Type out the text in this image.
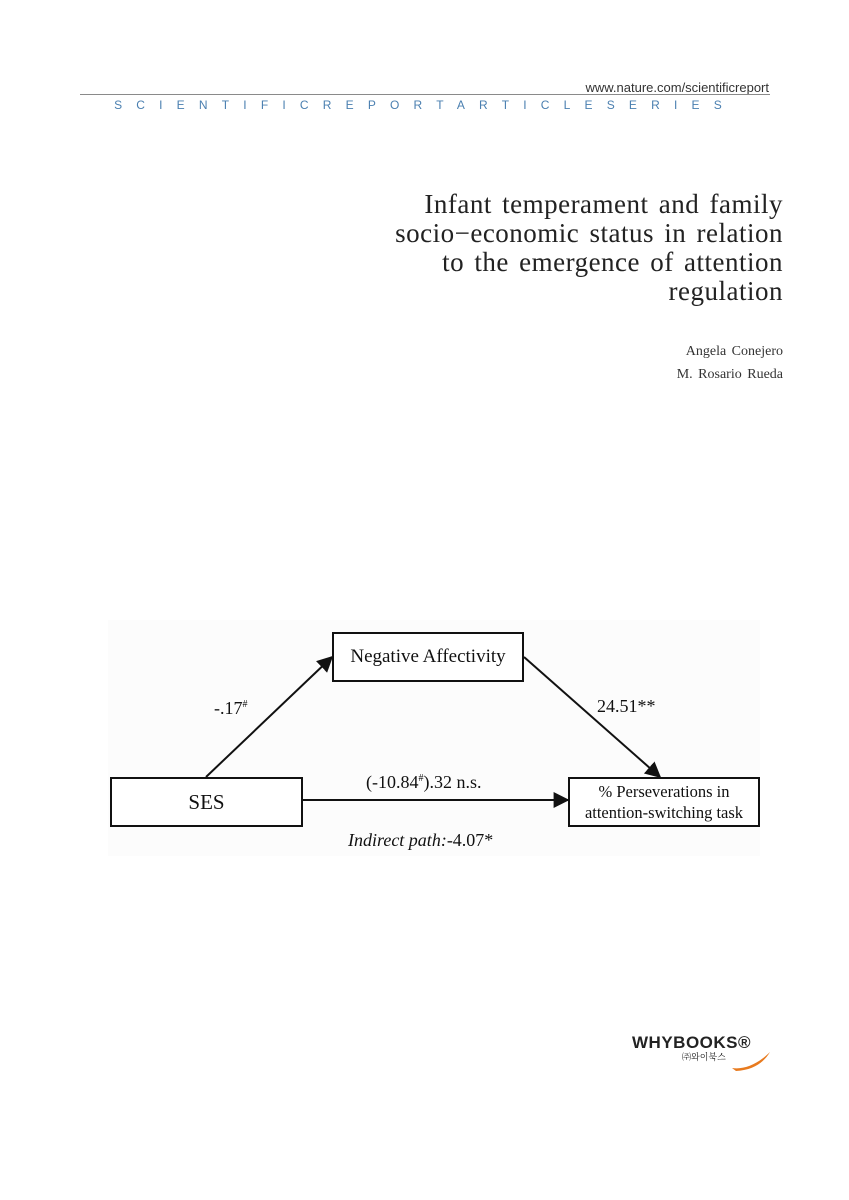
www.nature.com/scientificreport
SCIENTIFICREPORTARTICLESERIES
Infant temperament and family
socio−economic status in relation
to the emergence of attention
regulation
Angela Conejero
M. Rosario Rueda
Negative Affectivity
SES	% Perseverations in
attention-switching task
-.17#	24.51**
(-10.84#).32 n.s.
Indirect path:-4.07*
WHYBOOKS®
㈜와이북스
